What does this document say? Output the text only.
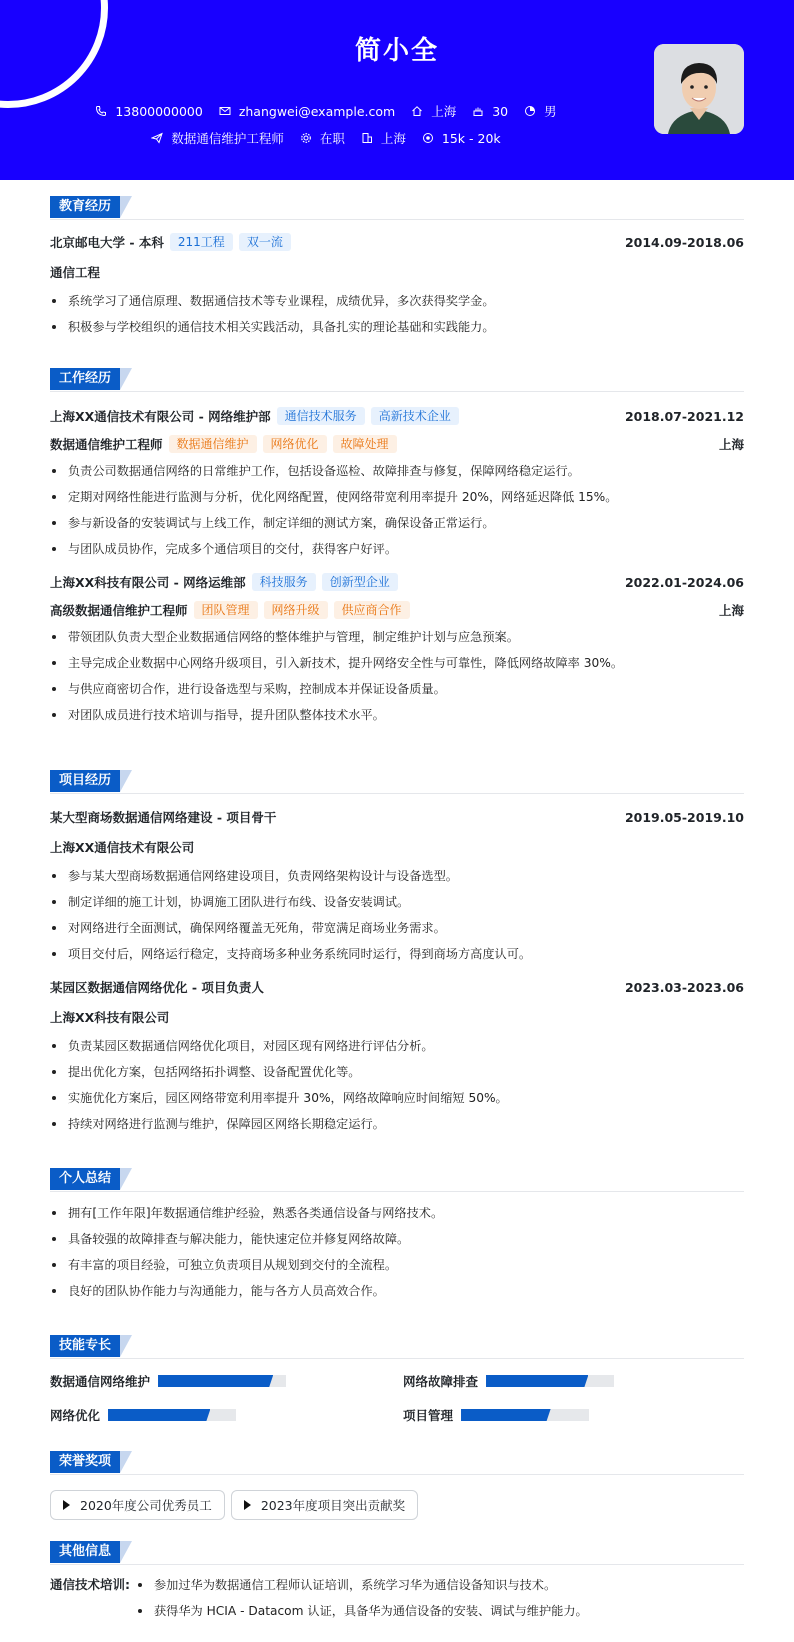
简小全
13800000000	zhangwei@example.com	上海	30	男
数据通信维护工程师	在职	上海	15k - 20k
教育经历
北京邮电大学 - 本科	211工程	双一流	2014.09-2018.06
通信工程
系统学习了通信原理、数据通信技术等专业课程，成绩优异，多次获得奖学金。
积极参与学校组织的通信技术相关实践活动，具备扎实的理论基础和实践能力。
工作经历
上海XX通信技术有限公司 - 网络维护部	通信技术服务	高新技术企业	2018.07-2021.12
数据通信维护工程师	数据通信维护	网络优化	故障处理	上海
负责公司数据通信网络的日常维护工作，包括设备巡检、故障排查与修复，保障网络稳定运行。
定期对网络性能进行监测与分析，优化网络配置，使网络带宽利用率提升 20%，网络延迟降低 15%。
参与新设备的安装调试与上线工作，制定详细的测试方案，确保设备正常运行。
与团队成员协作，完成多个通信项目的交付，获得客户好评。
上海XX科技有限公司 - 网络运维部	科技服务	创新型企业	2022.01-2024.06
高级数据通信维护工程师	团队管理	网络升级	供应商合作	上海
带领团队负责大型企业数据通信网络的整体维护与管理，制定维护计划与应急预案。
主导完成企业数据中心网络升级项目，引入新技术，提升网络安全性与可靠性，降低网络故障率 30%。
与供应商密切合作，进行设备选型与采购，控制成本并保证设备质量。
对团队成员进行技术培训与指导，提升团队整体技术水平。
项目经历
某大型商场数据通信网络建设 - 项目骨干	2019.05-2019.10
上海XX通信技术有限公司
参与某大型商场数据通信网络建设项目，负责网络架构设计与设备选型。
制定详细的施工计划，协调施工团队进行布线、设备安装调试。
对网络进行全面测试，确保网络覆盖无死角，带宽满足商场业务需求。
项目交付后，网络运行稳定，支持商场多种业务系统同时运行，得到商场方高度认可。
某园区数据通信网络优化 - 项目负责人	2023.03-2023.06
上海XX科技有限公司
负责某园区数据通信网络优化项目，对园区现有网络进行评估分析。
提出优化方案，包括网络拓扑调整、设备配置优化等。
实施优化方案后，园区网络带宽利用率提升 30%，网络故障响应时间缩短 50%。
持续对网络进行监测与维护，保障园区网络长期稳定运行。
个人总结
拥有[工作年限]年数据通信维护经验，熟悉各类通信设备与网络技术。
具备较强的故障排查与解决能力，能快速定位并修复网络故障。
有丰富的项目经验，可独立负责项目从规划到交付的全流程。
良好的团队协作能力与沟通能力，能与各方人员高效合作。
技能专长
数据通信网络维护	网络故障排查
网络优化	项目管理
荣誉奖项
2020年度公司优秀员工	2023年度项目突出贡献奖
其他信息
通信技术培训:	参加过华为数据通信工程师认证培训，系统学习华为通信设备知识与技术。
获得华为 HCIA - Datacom 认证，具备华为通信设备的安装、调试与维护能力。
